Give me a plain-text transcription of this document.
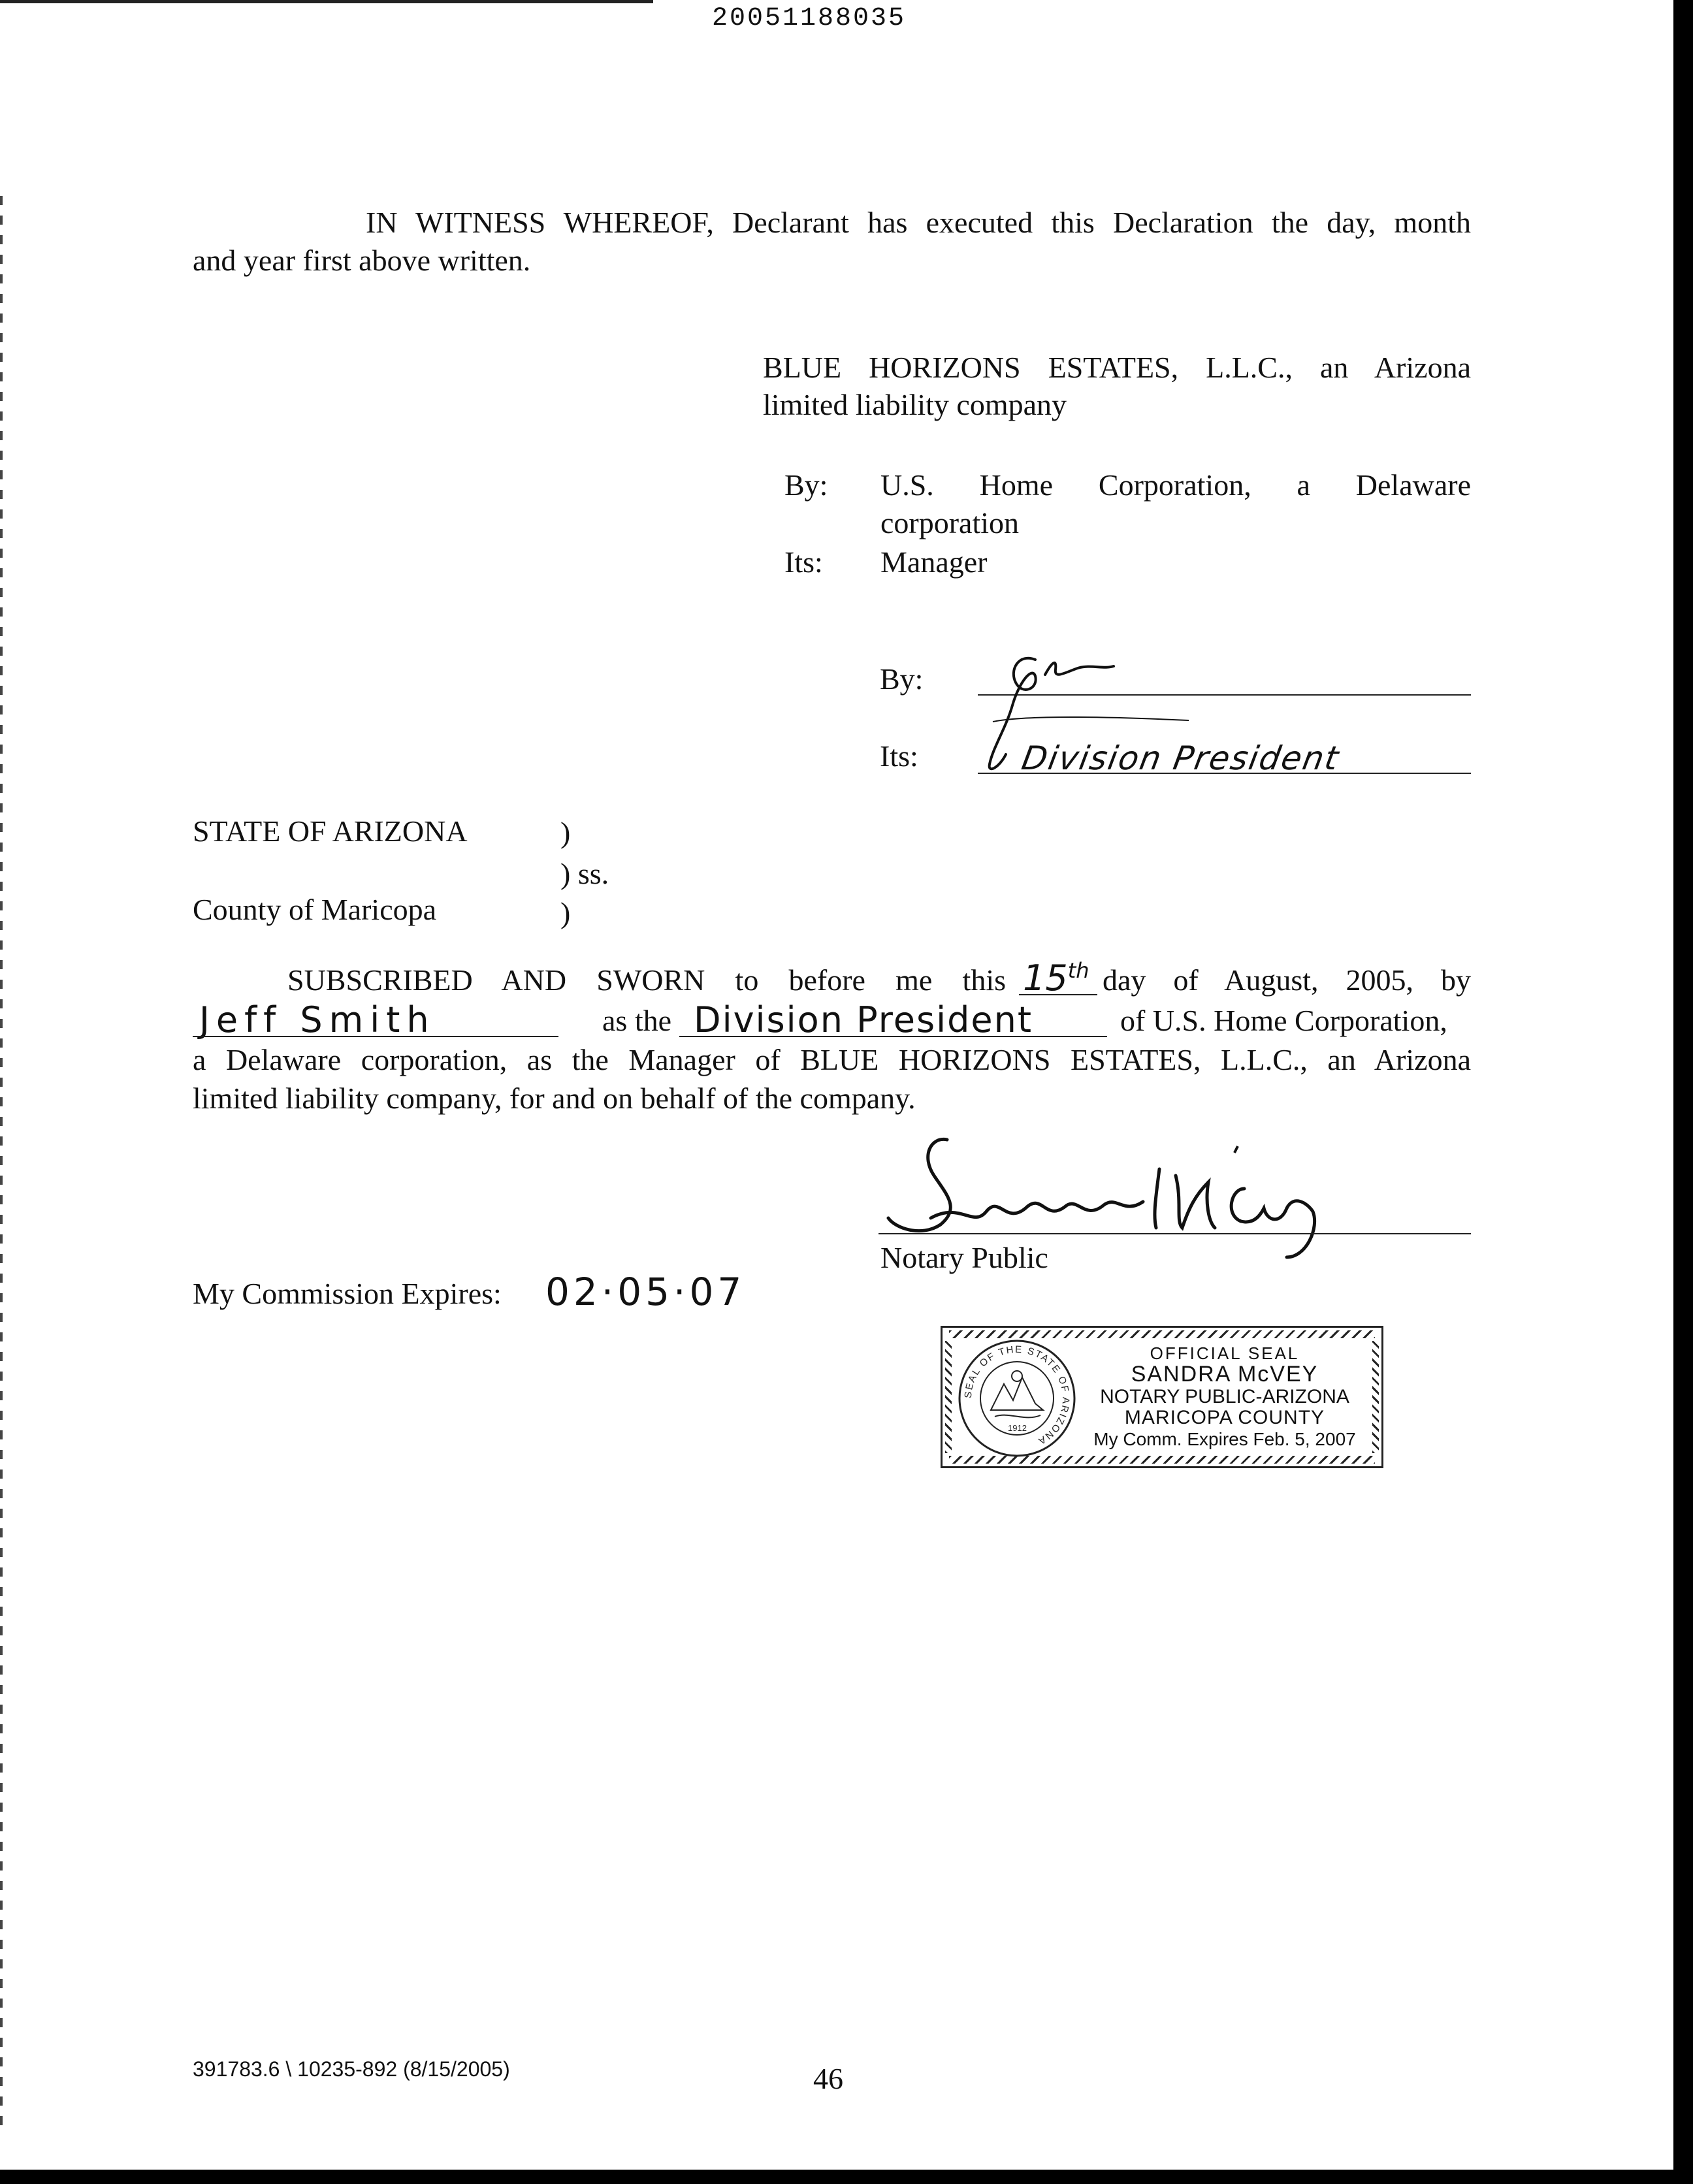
20051188035
IN WITNESS WHEREOF, Declarant has executed this Declaration the day, month
and year first above written.
BLUE HORIZONS ESTATES, L.L.C., an Arizona
limited liability company
By: U.S. Home Corporation, a Delaware
corporation
Its: Manager
By:
Its:	Division President
STATE OF ARIZONA	)
) ss.
County of Maricopa	)
SUBSCRIBED AND SWORN to before me this 15th day of August, 2005, by
Jeff Smith	as the Division President	of U.S. Home Corporation,
a Delaware corporation, as the Manager of BLUE HORIZONS ESTATES, L.L.C., an Arizona
limited liability company, for and on behalf of the company.
Notary Public
My Commission Expires: 02·05·07
SEAL OF THE STATE OF ARIZONA
1912
OFFICIAL SEAL
SANDRA McVEY
NOTARY PUBLIC-ARIZONA
MARICOPA COUNTY
My Comm. Expires Feb. 5, 2007
391783.6 \ 10235-892 (8/15/2005)	46
